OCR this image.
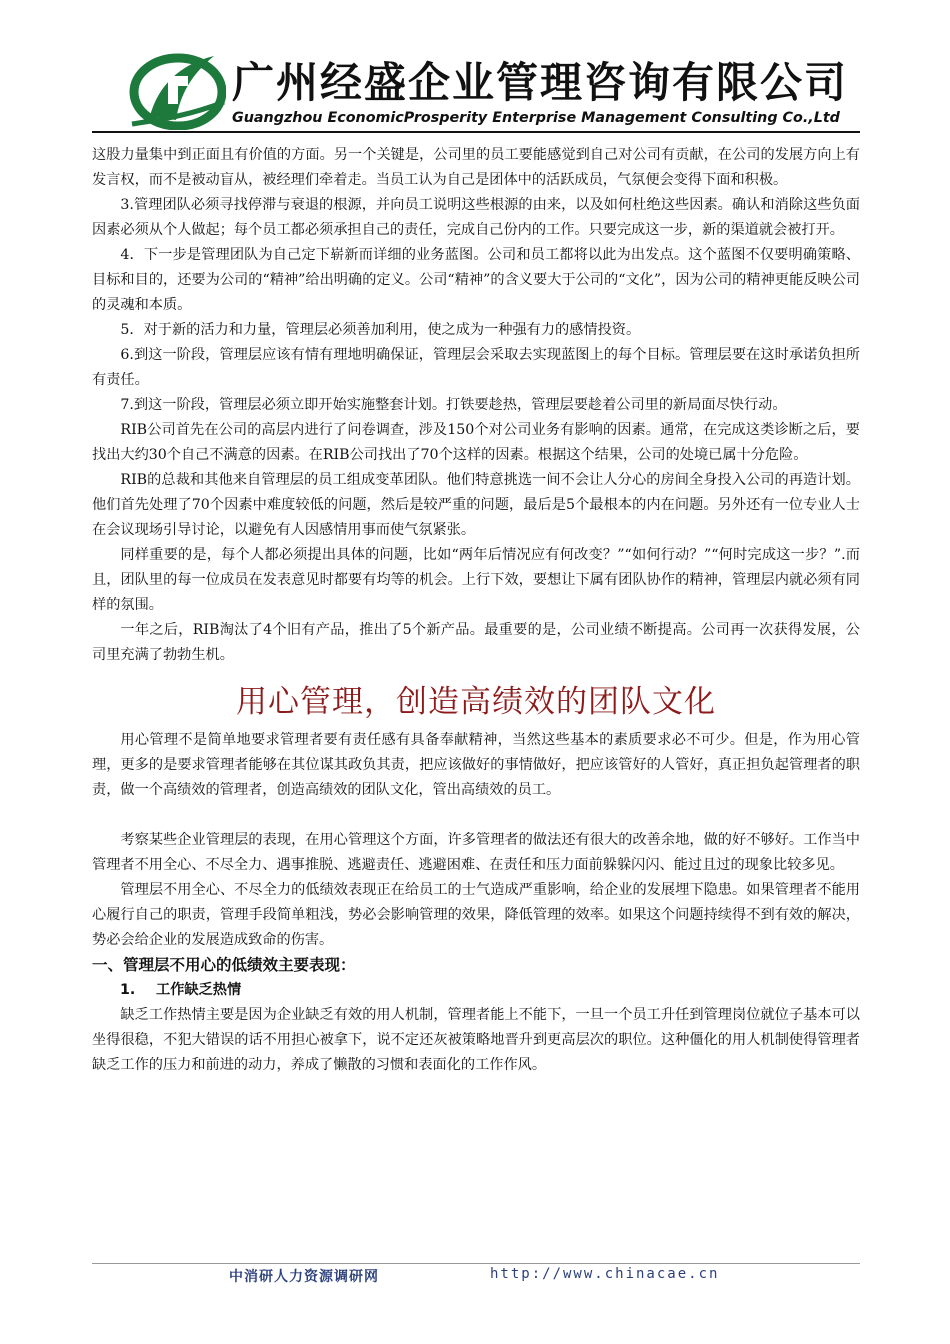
广州经盛企业管理咨询有限公司
Guangzhou EconomicProsperity Enterprise Management Consulting Co.,Ltd

这股力量集中到正面且有价值的方面。另一个关键是，公司里的员工要能感觉到自己对公司有贡献，在公司的发展方向上有发言权，而不是被动盲从，被经理们牵着走。当员工认为自己是团体中的活跃成员，气氛便会变得下面和积极。

3.管理团队必须寻找停滞与衰退的根源，并向员工说明这些根源的由来，以及如何杜绝这些因素。确认和消除这些负面因素必须从个人做起；每个员工都必须承担自己的责任，完成自己份内的工作。只要完成这一步，新的渠道就会被打开。

4．下一步是管理团队为自己定下崭新而详细的业务蓝图。公司和员工都将以此为出发点。这个蓝图不仅要明确策略、目标和目的，还要为公司的“精神”给出明确的定义。公司“精神”的含义要大于公司的“文化”，因为公司的精神更能反映公司的灵魂和本质。

5．对于新的活力和力量，管理层必须善加利用，使之成为一种强有力的感情投资。

6.到这一阶段，管理层应该有情有理地明确保证，管理层会采取去实现蓝图上的每个目标。管理层要在这时承诺负担所有责任。

7.到这一阶段，管理层必须立即开始实施整套计划。打铁要趁热，管理层要趁着公司里的新局面尽快行动。

RIB公司首先在公司的高层内进行了问卷调查，涉及150个对公司业务有影响的因素。通常，在完成这类诊断之后，要找出大约30个自己不满意的因素。在RIB公司找出了70个这样的因素。根据这个结果，公司的处境已属十分危险。

RIB的总裁和其他来自管理层的员工组成变革团队。他们特意挑选一间不会让人分心的房间全身投入公司的再造计划。他们首先处理了70个因素中难度较低的问题，然后是较严重的问题，最后是5个最根本的内在问题。另外还有一位专业人士在会议现场引导讨论，以避免有人因感情用事而使气氛紧张。

同样重要的是，每个人都必须提出具体的问题，比如“两年后情况应有何改变？”“如何行动？”“何时完成这一步？”.而且，团队里的每一位成员在发表意见时都要有均等的机会。上行下效，要想让下属有团队协作的精神，管理层内就必须有同样的氛围。

一年之后，RIB淘汰了4个旧有产品，推出了5个新产品。最重要的是，公司业绩不断提高。公司再一次获得发展，公司里充满了勃勃生机。

用心管理，创造高绩效的团队文化

用心管理不是简单地要求管理者要有责任感有具备奉献精神，当然这些基本的素质要求必不可少。但是，作为用心管理，更多的是要求管理者能够在其位谋其政负其责，把应该做好的事情做好，把应该管好的人管好，真正担负起管理者的职责，做一个高绩效的管理者，创造高绩效的团队文化，管出高绩效的员工。

考察某些企业管理层的表现，在用心管理这个方面，许多管理者的做法还有很大的改善余地，做的好不够好。工作当中管理者不用全心、不尽全力、遇事推脱、逃避责任、逃避困难、在责任和压力面前躲躲闪闪、能过且过的现象比较多见。

管理层不用全心、不尽全力的低绩效表现正在给员工的士气造成严重影响，给企业的发展埋下隐患。如果管理者不能用心履行自己的职责，管理手段简单粗浅，势必会影响管理的效果，降低管理的效率。如果这个问题持续得不到有效的解决，势必会给企业的发展造成致命的伤害。

一、管理层不用心的低绩效主要表现：
1. 工作缺乏热情

缺乏工作热情主要是因为企业缺乏有效的用人机制，管理者能上不能下，一旦一个员工升任到管理岗位就位子基本可以坐得很稳，不犯大错误的话不用担心被拿下，说不定还灰被策略地晋升到更高层次的职位。这种僵化的用人机制使得管理者缺乏工作的压力和前进的动力，养成了懒散的习惯和表面化的工作作风。

中消研人力资源调研网	http://www.chinacae.cn
